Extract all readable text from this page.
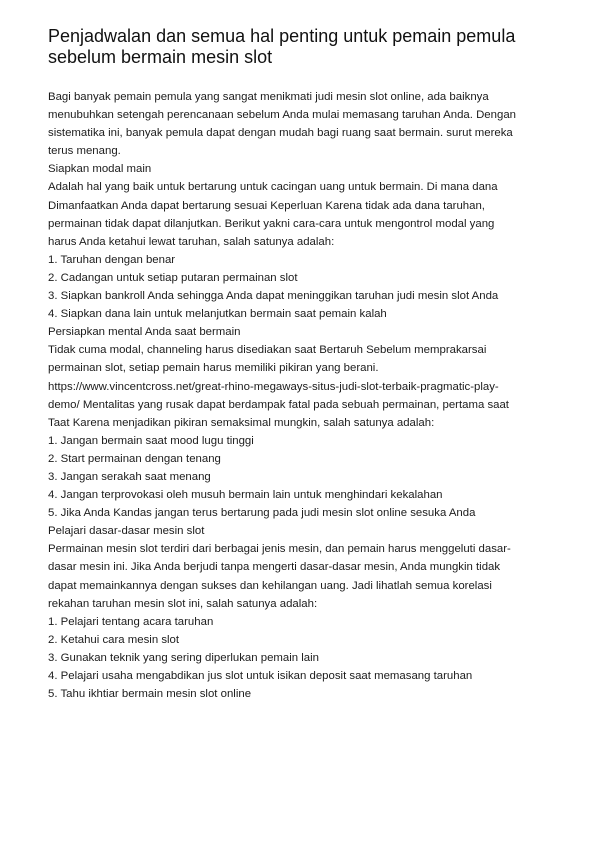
Penjadwalan dan semua hal penting untuk pemain pemula
sebelum bermain mesin slot
Bagi banyak pemain pemula yang sangat menikmati judi mesin slot online, ada baiknya
menubuhkan setengah perencanaan sebelum Anda mulai memasang taruhan Anda. Dengan
sistematika ini, banyak pemula dapat dengan mudah bagi ruang saat bermain. surut mereka
terus menang.
Siapkan modal main
Adalah hal yang baik untuk bertarung untuk cacingan uang untuk bermain. Di mana dana
Dimanfaatkan Anda dapat bertarung sesuai Keperluan Karena tidak ada dana taruhan,
permainan tidak dapat dilanjutkan. Berikut yakni cara-cara untuk mengontrol modal yang
harus Anda ketahui lewat taruhan, salah satunya adalah:
1. Taruhan dengan benar
2. Cadangan untuk setiap putaran permainan slot
3. Siapkan bankroll Anda sehingga Anda dapat meninggikan taruhan judi mesin slot Anda
4. Siapkan dana lain untuk melanjutkan bermain saat pemain kalah
Persiapkan mental Anda saat bermain
Tidak cuma modal, channeling harus disediakan saat Bertaruh Sebelum memprakarsai
permainan slot, setiap pemain harus memiliki pikiran yang berani.
https://www.vincentcross.net/great-rhino-megaways-situs-judi-slot-terbaik-pragmatic-play-
demo/ Mentalitas yang rusak dapat berdampak fatal pada sebuah permainan, pertama saat
Taat Karena menjadikan pikiran semaksimal mungkin, salah satunya adalah:
1. Jangan bermain saat mood lugu tinggi
2. Start permainan dengan tenang
3. Jangan serakah saat menang
4. Jangan terprovokasi oleh musuh bermain lain untuk menghindari kekalahan
5. Jika Anda Kandas jangan terus bertarung pada judi mesin slot online sesuka Anda
Pelajari dasar-dasar mesin slot
Permainan mesin slot terdiri dari berbagai jenis mesin, dan pemain harus menggeluti dasar-
dasar mesin ini. Jika Anda berjudi tanpa mengerti dasar-dasar mesin, Anda mungkin tidak
dapat memainkannya dengan sukses dan kehilangan uang. Jadi lihatlah semua korelasi
rekahan taruhan mesin slot ini, salah satunya adalah:
1. Pelajari tentang acara taruhan
2. Ketahui cara mesin slot
3. Gunakan teknik yang sering diperlukan pemain lain
4. Pelajari usaha mengabdikan jus slot untuk isikan deposit saat memasang taruhan
5. Tahu ikhtiar bermain mesin slot online
